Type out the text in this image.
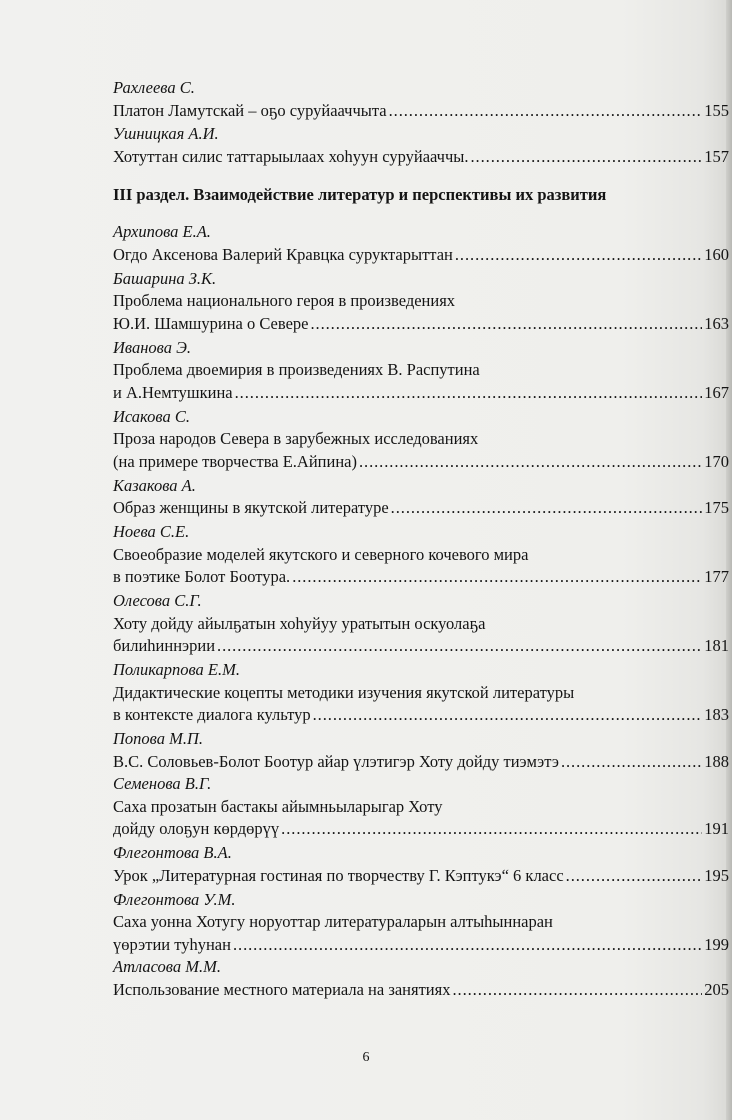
Рахлеева С.
Платон Ламутскай – оҕо суруйааччыта . . .	155
Ушницкая А.И.
Хотуттан силис таттарыылаах хоһуун суруйааччы. . . .	157
III раздел. Взаимодействие литератур и перспективы их развития
Архипова Е.А.
Огдо Аксенова Валерий Кравцка суруктарыттан . . .	160
Башарина З.К.
Проблема национального героя в произведениях
Ю.И. Шамшурина о Севере . . .	163
Иванова Э.
Проблема двоемирия в произведениях В. Распутина
и А.Немтушкина . . .	167
Исакова С.
Проза народов Севера в зарубежных исследованиях
(на примере творчества Е.Айпина) . . .	170
Казакова А.
Образ женщины в якутской литературе . . .	175
Ноева С.Е.
Своеобразие моделей якутского и северного кочевого мира
в поэтике Болот Боотура. . . .	177
Олесова С.Г.
Хоту дойду айылҕатын хоһуйуу уратытын оскуолаҕа
билиһиннэрии . . .	181
Поликарпова Е.М.
Дидактические коцепты методики изучения якутской литературы
в контексте диалога культур . . .	183
Попова М.П.
В.С. Соловьев-Болот Боотур айар үлэтигэр Хоту дойду тиэмэтэ . . .	188
Семенова В.Г.
Саха прозатын бастакы айымньыларыгар Хоту
дойду олоҕун көрдөрүү . . .	191
Флегонтова В.А.
Урок „Литературная гостиная по творчеству Г. Кэптукэ“ 6 класс . . .	195
Флегонтова У.М.
Саха уонна Хотугу норуоттар литератураларын алтыһыннаран
үөрэтии туһунан . . .	199
Атласова М.М.
Использование местного материала на занятиях . . .	205
6
